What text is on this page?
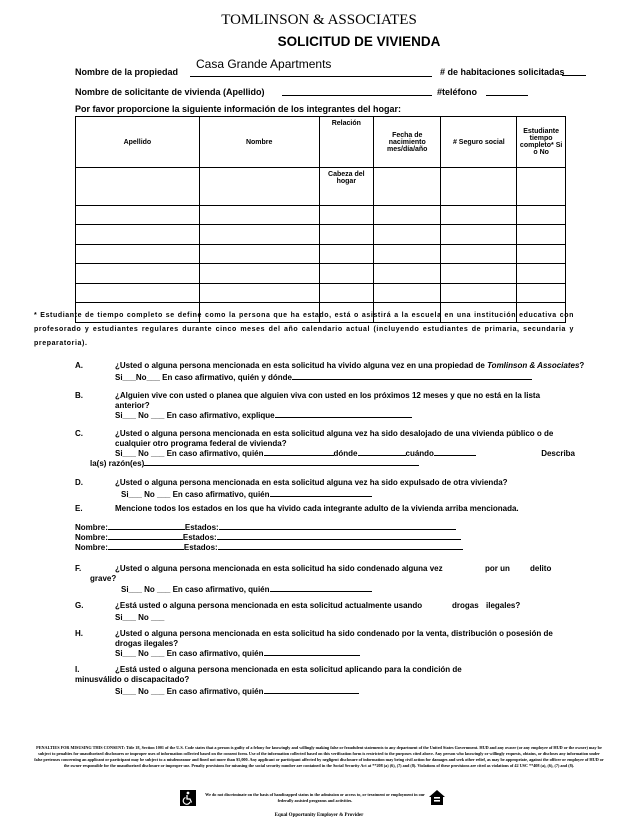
TOMLINSON & ASSOCIATES
SOLICITUD DE VIVIENDA
Nombre de la propiedad
Casa Grande Apartments
# de habitaciones solicitadas
Nombre de solicitante de vivienda (Apellido)	#teléfono
Por favor proporcione la siguiente información de los integrantes del hogar:
Apellido	Nombre	Relación	Fecha de nacimiento mes/día/año	# Seguro social	Estudiante tiempo completo* Si o No
		Cabeza del hogar			

* Estudiante de tiempo completo se define como la persona que ha estado, está o asistirá a la escuela en una institución educativa con profesorado y estudiantes regulares durante cinco meses del año calendario actual (incluyendo estudiantes de primaria, secundaria y preparatoria).
A.	¿Usted o alguna persona mencionada en esta solicitud ha vivido alguna vez en una propiedad de Tomlinson & Associates?
Si___No___ En caso afirmativo, quién y dónde
B.	¿Alguien vive con usted o planea que alguien viva con usted en los próximos 12 meses y que no está en la lista anterior?
Si___ No ___ En caso afirmativo, explique
C.	¿Usted o alguna persona mencionada en esta solicitud alguna vez ha sido desalojado de una vivienda público o de cualquier otro programa federal de vivienda?
Si___ No ___ En caso afirmativo, quién	dónde	cuándo	Describa
la(s) razón(es)
D.	¿Usted o alguna persona mencionada en esta solicitud alguna vez ha sido expulsado de otra vivienda?
Si___ No ___ En caso afirmativo, quién
E.	Mencione todos los estados en los que ha vivido cada integrante adulto de la vivienda arriba mencionada.
Nombre:	Estados:
Nombre:	Estados:
Nombre:	Estados:
F.	¿Usted o alguna persona mencionada en esta solicitud ha sido condenado alguna vez	por un	delito
grave?
Si___ No ___ En caso afirmativo, quién
G.	¿Está usted o alguna persona mencionada en esta solicitud actualmente usando	drogas ilegales?
Si___ No ___
H.	¿Usted o alguna persona mencionada en esta solicitud ha sido condenado por la venta, distribución o posesión de drogas ilegales?
Si___ No ___ En caso afirmativo, quién
I.	¿Está usted o alguna persona mencionada en esta solicitud aplicando para la condición de
minusválido o discapacitado?
Si___ No ___ En caso afirmativo, quién
PENALTIES FOR MISUSING THIS CONSENT: Title 18, Section 1001 of the U.S. Code states that a person is guilty of a felony for knowingly and willingly making false or fraudulent statements to any department of the United States Government. HUD and any owner (or any employee of HUD or the owner) may be subject to penalties for unauthorized disclosures or improper uses of information collected based on the consent form. Use of the information collected based on this verification form is restricted to the purposes cited above. Any person who knowingly or willingly requests, obtains, or discloses any information under false pretenses concerning an applicant or participant may be subject to a misdemeanor and fined not more than $5,000. Any applicant or participant affected by negligent disclosure of information may bring civil action for damages and seek other relief, as may be appropriate, against the officer or employee of HUD or the owner responsible for the unauthorized disclosure or improper use. Penalty provisions for misusing the social security number are contained in the Social Security Act at **208 (a) (6), (7) and (8). Violations of these provisions are cited as violations of 42 USC **408 (a), (6), (7) and (8).
We do not discriminate on the basis of handicapped status in the admission or access to, or treatment or employment in our federally assisted programs and activities.
Equal Opportunity Employer & Provider
